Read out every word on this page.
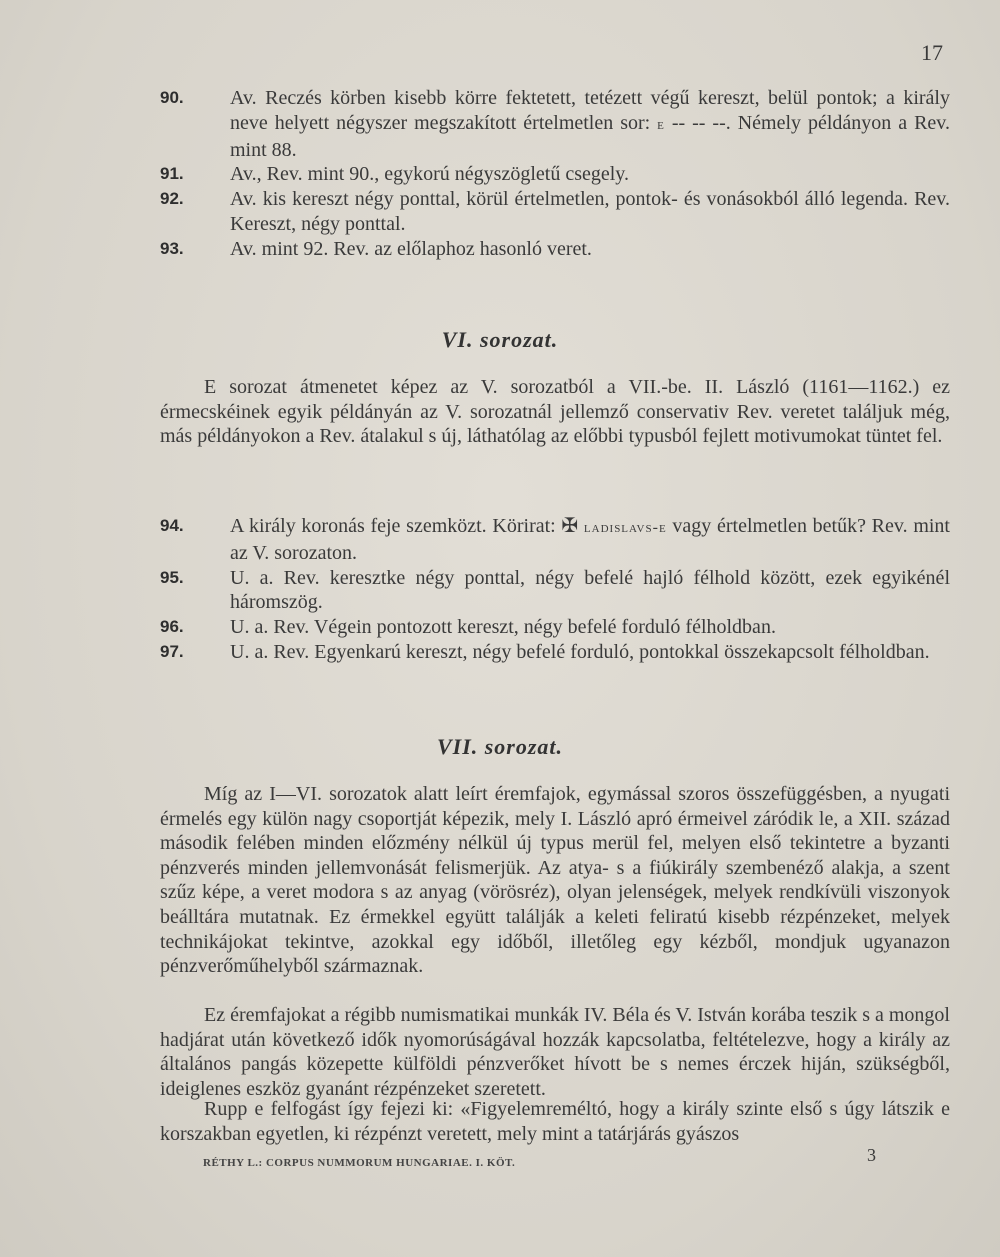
17
90. Av. Reczés körben kisebb körre fektetett, tetézett végű kereszt, belül pontok; a király neve helyett négyszer megszakított értelmetlen sor: e -- -- --. Némely példányon a Rev. mint 88.
91. Av., Rev. mint 90., egykorú négyszögletű csegely.
92. Av. kis kereszt négy ponttal, körül értelmetlen, pontok- és vonásokból álló legenda. Rev. Kereszt, négy ponttal.
93. Av. mint 92. Rev. az előlaphoz hasonló veret.
VI. sorozat.
E sorozat átmenetet képez az V. sorozatból a VII.-be. II. László (1161—1162.) ez érmecskéinek egyik példányán az V. sorozatnál jellemző conservativ Rev. veretet találjuk még, más példányokon a Rev. átalakul s új, láthatólag az előbbi typusból fejlett motivumokat tüntet fel.
94. A király koronás feje szemközt. Körirat: ✠ ladislavs-e vagy értelmetlen betűk? Rev. mint az V. sorozaton.
95. U. a. Rev. keresztke négy ponttal, négy befelé hajló félhold között, ezek egyikénél háromszög.
96. U. a. Rev. Végein pontozott kereszt, négy befelé forduló félholdban.
97. U. a. Rev. Egyenkarú kereszt, négy befelé forduló, pontokkal összekapcsolt félholdban.
VII. sorozat.
Míg az I—VI. sorozatok alatt leírt éremfajok, egymással szoros összefüggésben, a nyugati érmelés egy külön nagy csoportját képezik, mely I. László apró érmeivel záródik le, a XII. század második felében minden előzmény nélkül új typus merül fel, melyen első tekintetre a byzanti pénzverés minden jellemvonását felismerjük. Az atya- s a fiúkirály szembenéző alakja, a szent szűz képe, a veret modora s az anyag (vörösréz), olyan jelenségek, melyek rendkívüli viszonyok beálltára mutatnak. Ez érmekkel együtt találják a keleti feliratú kisebb rézpénzeket, melyek technikájokat tekintve, azokkal egy időből, illetőleg egy kézből, mondjuk ugyanazon pénzverőműhelyből származnak.
Ez éremfajokat a régibb numismatikai munkák IV. Béla és V. István korába teszik s a mongol hadjárat után következő idők nyomorúságával hozzák kapcsolatba, feltételezve, hogy a király az általános pangás közepette külföldi pénzverőket hívott be s nemes érczek hiján, szükségből, ideiglenes eszköz gyanánt rézpénzeket szeretett.
Rupp e felfogást így fejezi ki: «Figyelemreméltó, hogy a király szinte első s úgy látszik e korszakban egyetlen, ki rézpénzt veretett, mely mint a tatárjárás gyászos
RÉTHY L.: CORPUS NUMMORUM HUNGARIAE. I. KÖT.	3
